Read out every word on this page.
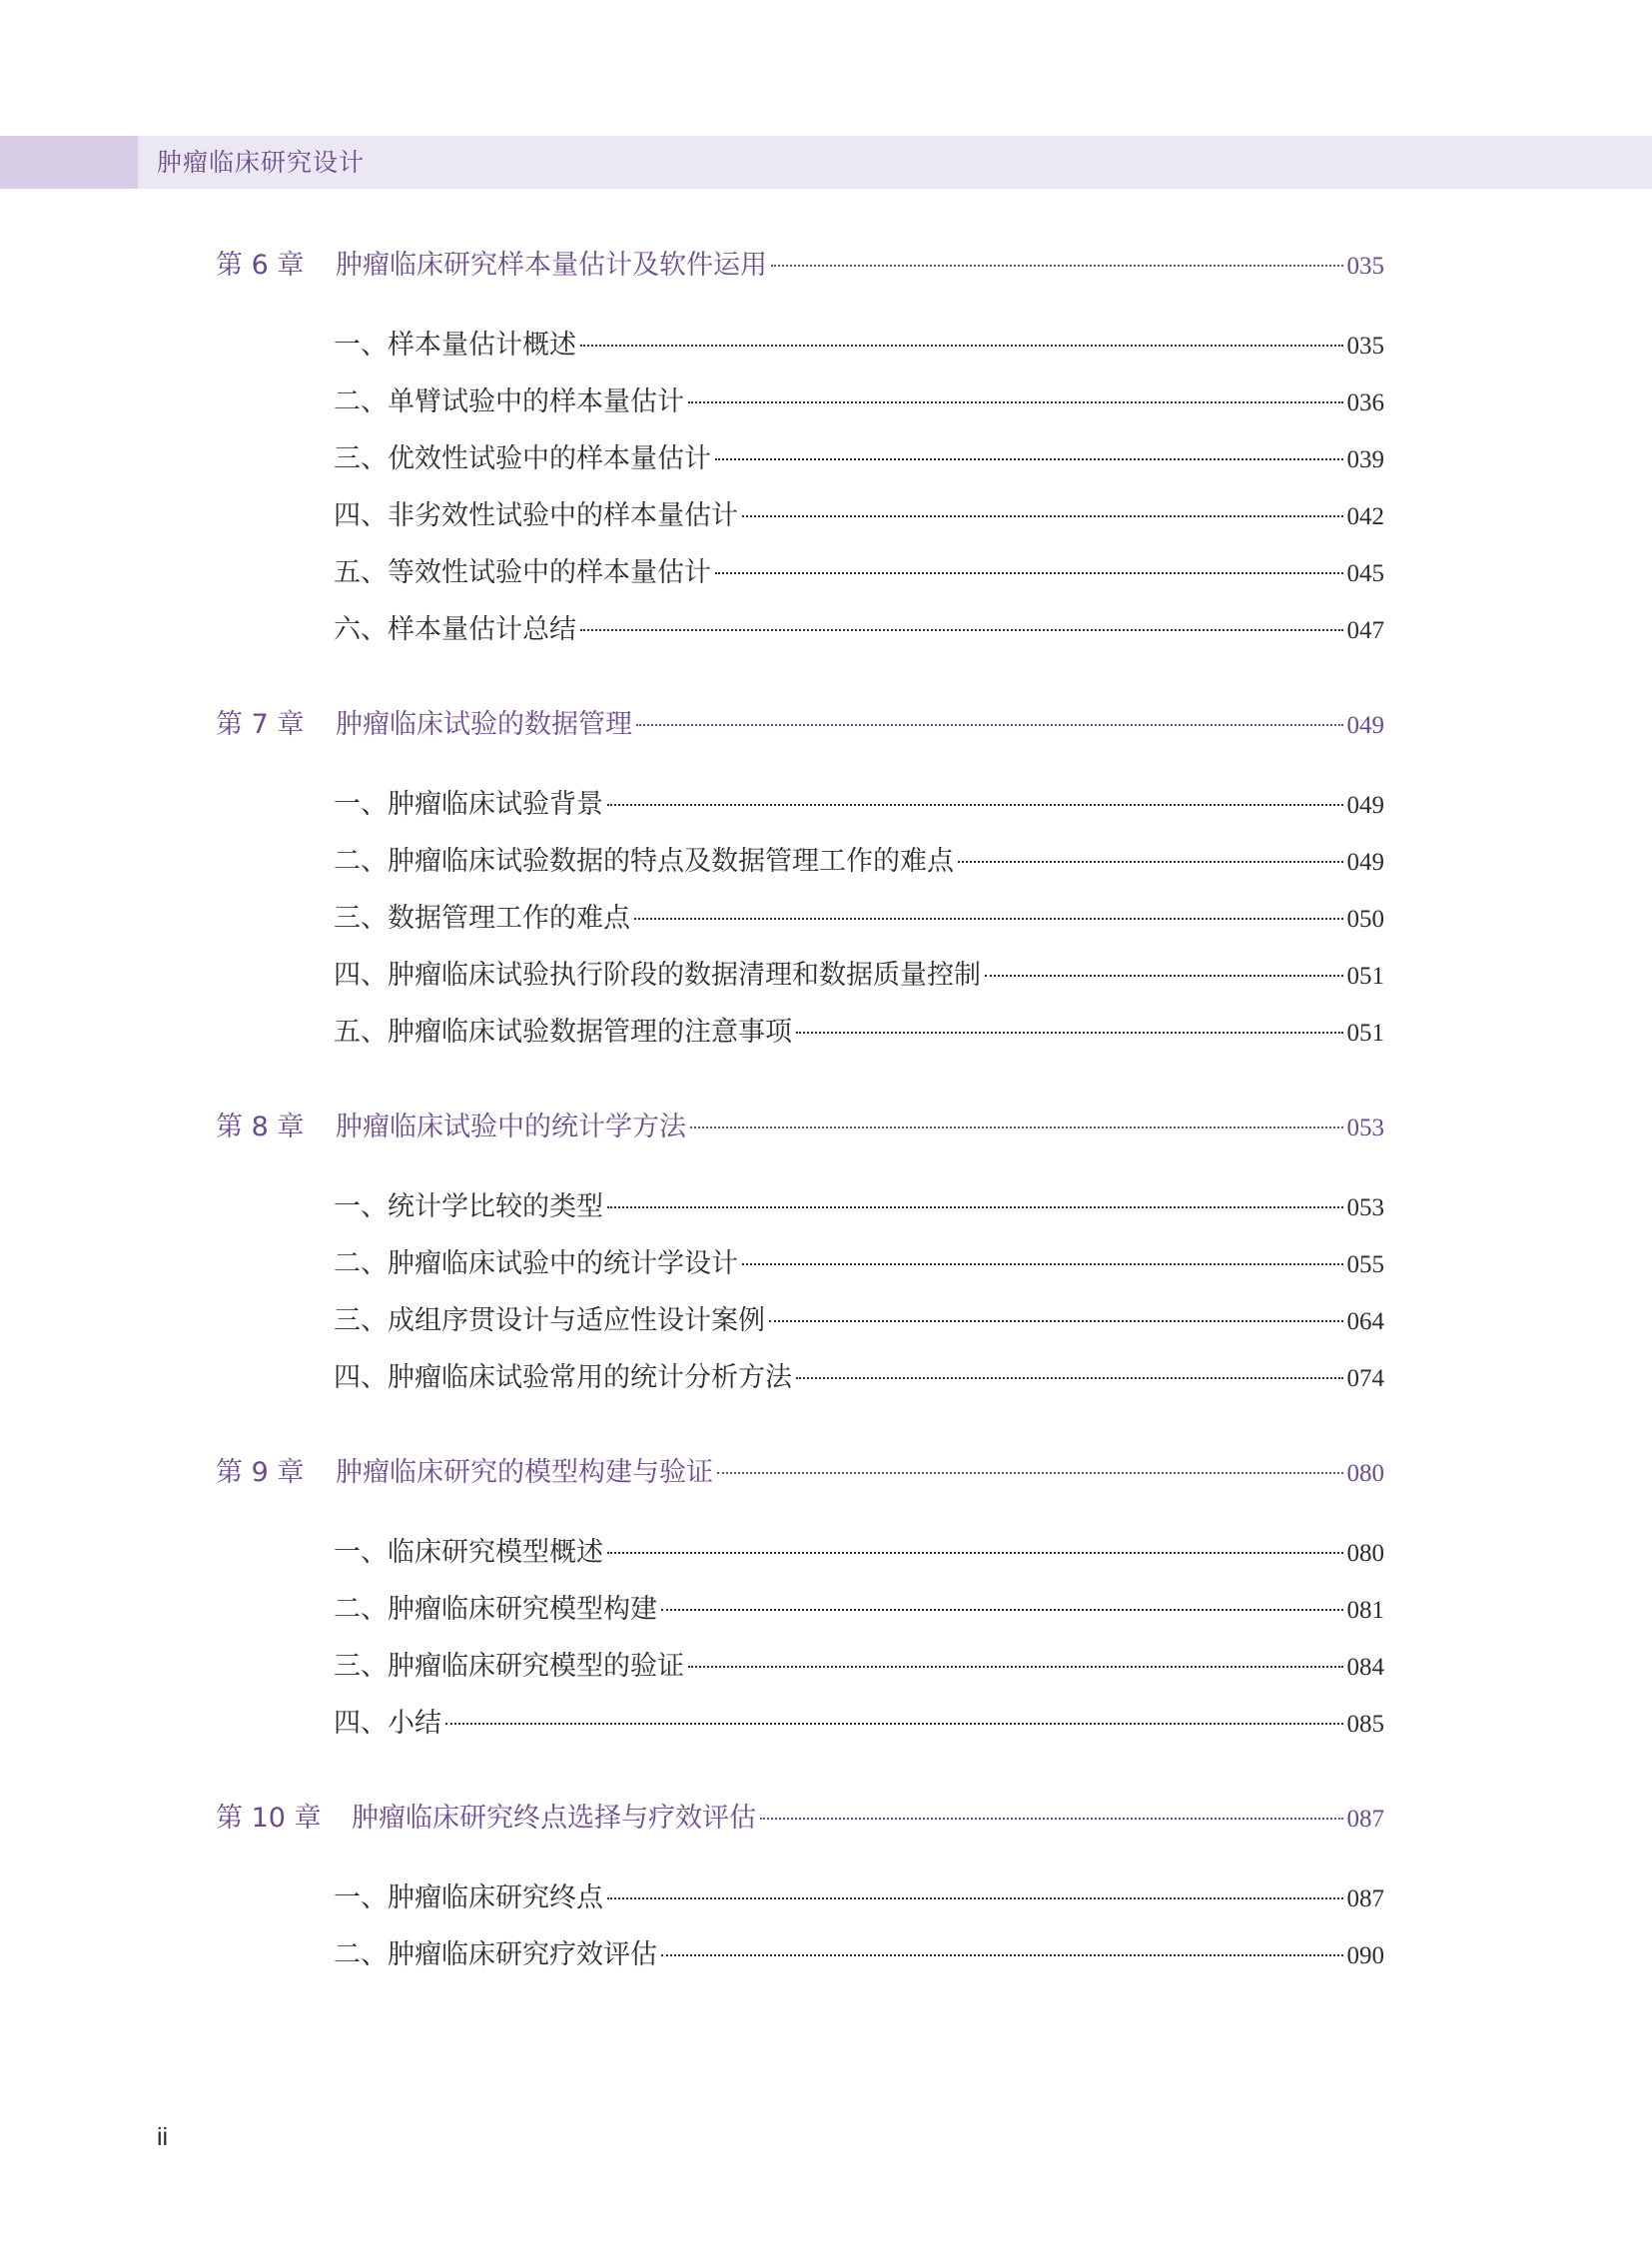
肿瘤临床研究设计
第 6 章	肿瘤临床研究样本量估计及软件运用	035
一、样本量估计概述	035
二、单臂试验中的样本量估计	036
三、优效性试验中的样本量估计	039
四、非劣效性试验中的样本量估计	042
五、等效性试验中的样本量估计	045
六、样本量估计总结	047
第 7 章	肿瘤临床试验的数据管理	049
一、肿瘤临床试验背景	049
二、肿瘤临床试验数据的特点及数据管理工作的难点	049
三、数据管理工作的难点	050
四、肿瘤临床试验执行阶段的数据清理和数据质量控制	051
五、肿瘤临床试验数据管理的注意事项	051
第 8 章	肿瘤临床试验中的统计学方法	053
一、统计学比较的类型	053
二、肿瘤临床试验中的统计学设计	055
三、成组序贯设计与适应性设计案例	064
四、肿瘤临床试验常用的统计分析方法	074
第 9 章	肿瘤临床研究的模型构建与验证	080
一、临床研究模型概述	080
二、肿瘤临床研究模型构建	081
三、肿瘤临床研究模型的验证	084
四、小结	085
第 10 章	肿瘤临床研究终点选择与疗效评估	087
一、肿瘤临床研究终点	087
二、肿瘤临床研究疗效评估	090
ii
